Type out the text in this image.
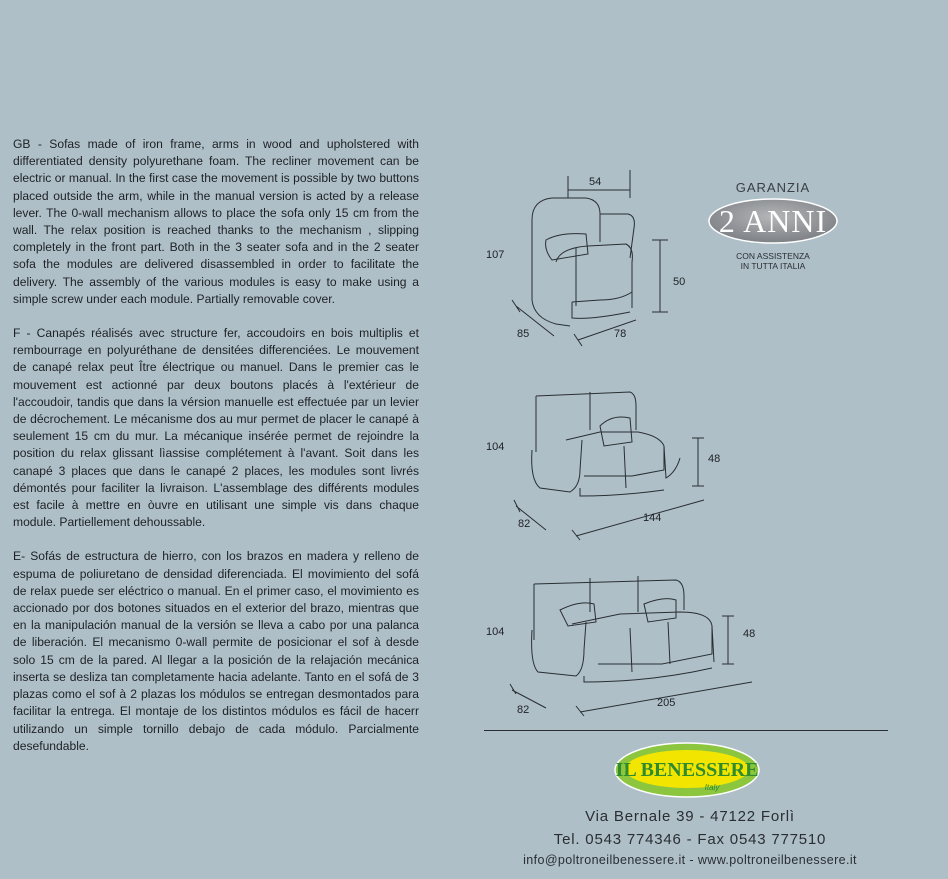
GB - Sofas made of iron frame, arms in wood and upholstered with differentiated density polyurethane foam. The recliner movement can be electric or manual. In the first case the movement is possible by two buttons placed outside the arm, while in the manual version is acted by a release lever. The 0-wall mechanism allows to place the sofa only 15 cm from the wall. The relax position is reached thanks to the mechanism , slipping completely in the front part. Both in the 3 seater sofa and in the 2 seater sofa the modules are delivered disassembled in order to facilitate the delivery. The assembly of the various modules is easy to make using a simple screw under each module. Partially removable cover.

F - Canapés réalisés avec structure fer, accoudoirs en bois multiplis et rembourrage en polyuréthane de densitées differenciées. Le mouvement de canapé relax peut Ître électrique ou manuel. Dans le premier cas le mouvement est actionné par deux boutons placés à l'extérieur de l'accoudoir, tandis que dans la vérsion manuelle est effectuée par un levier de décrochement. Le mécanisme dos au mur permet de placer le canapé à seulement 15 cm du mur. La mécanique insérée permet de rejoindre la position du relax glissant lìassise complétement à l'avant. Soit dans les canapé 3 places que dans le canapé 2 places, les modules sont livrés démontés pour faciliter la livraison. L'assemblage des différents modules est facile à mettre en òuvre en utilisant une simple vis dans chaque module. Partiellement dehoussable.

E- Sofás de estructura de hierro, con los brazos en madera y relleno de espuma de poliuretano de densidad diferenciada. El movimiento del sofá de relax puede ser eléctrico o manual. En el primer caso, el movimiento es accionado por dos botones situados en el exterior del brazo, mientras que en la manipulación manual de la versión se lleva a cabo por una palanca de liberación. El mecanismo 0-wall permite de posicionar el sof à desde solo 15 cm de la pared. Al llegar a la posición de la relajación mecánica inserta se desliza tan completamente hacia adelante. Tanto en el sofá de 3 plazas como el sof à 2 plazas los módulos se entregan desmontados para facilitar la entrega. El montaje de los distintos módulos es fácil de hacerr utilizando un simple tornillo debajo de cada módulo. Parcialmente desefundable.

54
107
50
85	78
104
48
82	144
104	48
82
205
GARANZIA
2 ANNI
CON ASSISTENZA
IN TUTTA ITALIA
IL BENESSERE
Italy
Via Bernale 39 - 47122 Forlì
Tel. 0543 774346 - Fax 0543 777510
info@poltroneilbenessere.it - www.poltroneilbenessere.it
